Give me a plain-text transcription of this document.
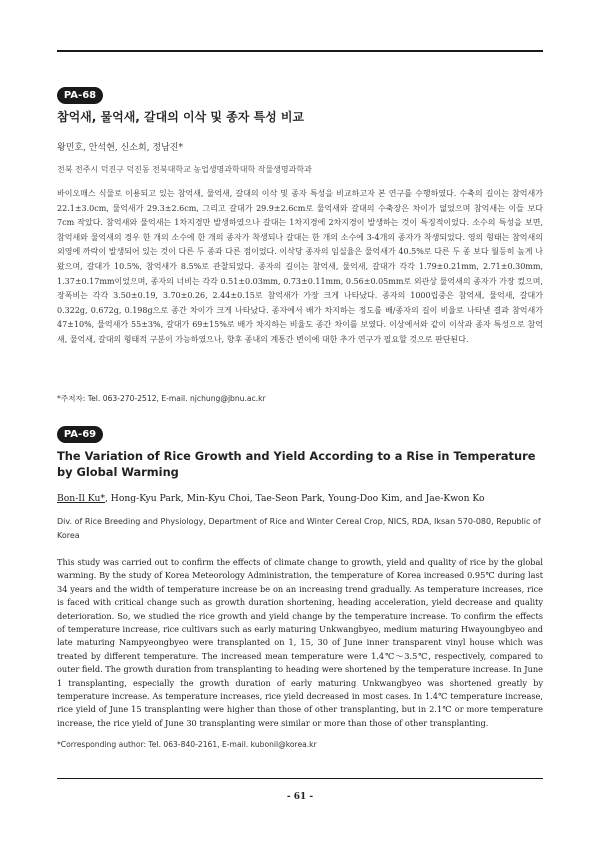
PA-68
참억새, 물억새, 갈대의 이삭 및 종자 특성 비교
왕민호, 안석현, 신소희, 정남진*
전북 전주시 덕진구 덕진동 전북대학교 농업생명과학대학 작물생명과학과

바이오매스 식물로 이용되고 있는 참억새, 물억새, 갈대의 이삭 및 종자 특성을 비교하고자 본 연구를 수행하였다. 수축의 길이는 참억새가 22.1±3.0cm, 물억새가 29.3±2.6cm, 그리고 갈대가 29.9±2.6cm로 물억새와 갈대의 수축장은 차이가 없었으며 참억새는 이들 보다 7cm 작았다. 참억새와 물억새는 1차지경만 발생하였으나 갈대는 1차지경에 2차지경이 발생하는 것이 특징적이었다. 소수의 특성을 보면, 참억새와 물억새의 경우 한 개의 소수에 한 개의 종자가 착생되나 갈대는 한 개의 소수에 3-4개의 종자가 착생되었다. 영의 형태는 참억새의 외영에 까락이 발생되어 있는 것이 다른 두 종과 다른 점이었다. 이삭당 종자의 임실율은 물억새가 40.5%로 다른 두 종 보다 월등히 높게 나왔으며, 갈대가 10.5%, 참억새가 8.5%로 관찰되었다. 종자의 길이는 참억새, 물억새, 갈대가 각각 1.79±0.21mm, 2.71±0.30mm, 1.37±0.17mm이었으며, 종자의 너비는 각각 0.51±0.03mm, 0.73±0.11mm, 0.56±0.05mm로 외관상 물억새의 종자가 가장 컸으며, 장폭비는 각각 3.50±0.19, 3.70±0.26, 2.44±0.15로 참억새가 가장 크게 나타났다. 종자의 1000립중은 참억새, 물억새, 갈대가 0.322g, 0.672g, 0.198g으로 종간 차이가 크게 나타났다. 종자에서 배가 차지하는 정도를 배/종자의 길이 비율로 나타낸 결과 참억새가 47±10%, 물억새가 55±3%, 갈대가 69±15%로 배가 차지하는 비율도 종간 차이를 보였다. 이상에서와 같이 이삭과 종자 특성으로 참억새, 물억새, 갈대의 형태적 구분이 가능하였으나, 향후 종내의 계통간 변이에 대한 추가 연구가 필요할 것으로 판단된다.

*주저자: Tel. 063-270-2512, E-mail. njchung@jbnu.ac.kr
PA-69
The Variation of Rice Growth and Yield According to a Rise in Temperature by Global Warming
Bon-Il Ku*, Hong-Kyu Park, Min-Kyu Choi, Tae-Seon Park, Young-Doo Kim, and Jae-Kwon Ko
Div. of Rice Breeding and Physiology, Department of Rice and Winter Cereal Crop, NICS, RDA, Iksan 570-080, Republic of Korea

This study was carried out to confirm the effects of climate change to growth, yield and quality of rice by the global warming. By the study of Korea Meteorology Administration, the temperature of Korea increased 0.95℃ during last 34 years and the width of temperature increase be on an increasing trend gradually. As temperature increases, rice is faced with critical change such as growth duration shortening, heading acceleration, yield decrease and quality deterioration. So, we studied the rice growth and yield change by the temperature increase. To confirm the effects of temperature increase, rice cultivars such as early maturing Unkwangbyeo, medium maturing Hwayoungbyeo and late maturing Nampyeongbyeo were transplanted on 1, 15, 30 of June inner transparent vinyl house which was treated by different temperature. The increased mean temperature were 1.4℃～3.5℃, respectively, compared to outer field. The growth duration from transplanting to heading were shortened by the temperature increase. In June 1 transplanting, especially the growth duration of early maturing Unkwangbyeo was shortened greatly by temperature increase. As temperature increases, rice yield decreased in most cases. In 1.4℃ temperature increase, rice yield of June 15 transplanting were higher than those of other transplanting, but in 2.1℃ or more temperature increase, the rice yield of June 30 transplanting were similar or more than those of other transplanting.

*Corresponding author: Tel. 063-840-2161, E-mail. kubonil@korea.kr
- 61 -
